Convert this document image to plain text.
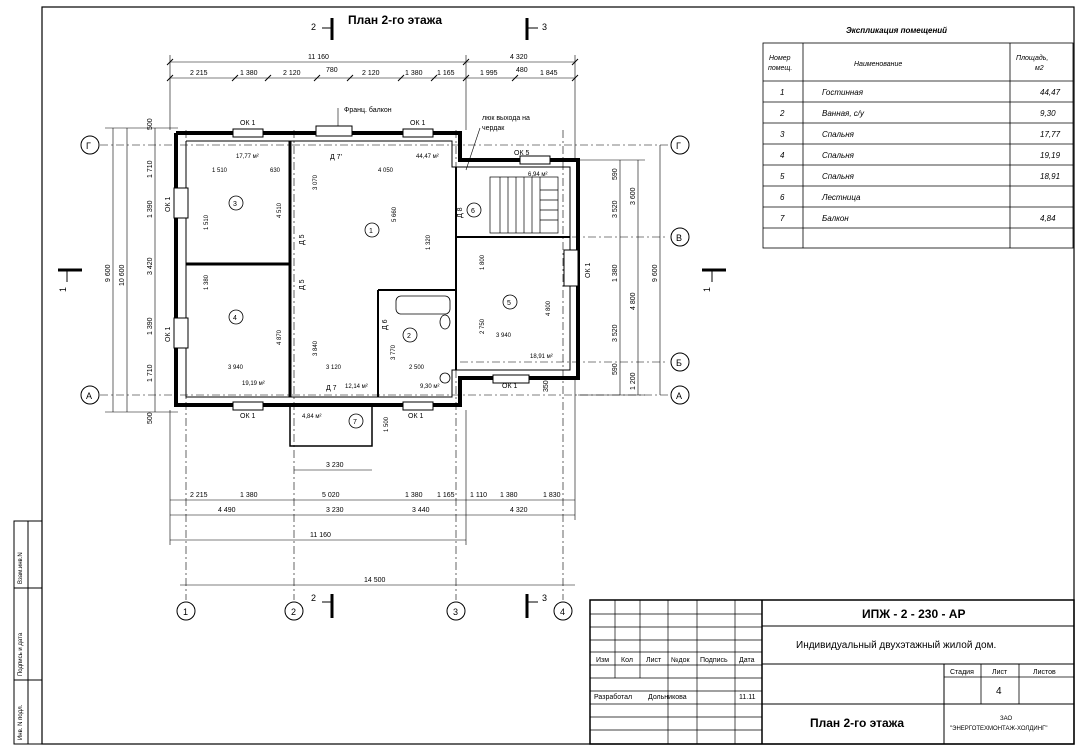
Взам.инв.N
Подпись и дата
Инв. N подл.
План 2-го этажа
2	3
2	3
1	1
Г	Г
В
Б
А	А
1	2	3	4
11 160	4 320
780	480
2 215	1 380	2 120	2 120	1 380 1 165	1 995	1 845
9 600 10 600
500
1 710
1 390
3 420
1 390
1 710
500
9 600
3 600
4 800
590
3 520
1 380
3 520
590
1 200
350
3 230
2 215	1 380	5 020	1 380 1 165 1 110 1 380	1 830
4 490	3 230	3 440	4 320
11 160
14 500
ОК 1	ОК 1
ОК 5
ОК 1
ОК 1
ОК 1
ОК 1
ОК 1	ОК 1
Д 7'
Д 7
Д 5
Д 5
Д 6
Д 8
1
2
3
4
5
6
7
44,47 м²
9,30 м²
17,77 м²
19,19 м²
18,91 м²
6,94 м²
4,84 м²
12,14 м²
1 510	630
1 510
4 510
3 070
4 050
5 660
1 320
3 940
3 940
3 120	2 500
2 750
4 800
1 800
1 380
1 500
4 870
3 840	3 770
Франц. балкон
люк выхода на
чердак
Экспликация помещений
Номер
помещ.
Наименование
Площадь,
м2
1	Гостинная	44,47
2	Ванная, с/у	9,30
3	Спальня	17,77
4	Спальня	19,19
5	Спальня	18,91
6	Лестница
7	Балкон	4,84
Изм Кол Лист №док Подпись Дата
Разработал Дольникова	11.11
ИПЖ - 2 - 230 - АР
Индивидуальный двухэтажный жилой дом.
План 2-го этажа
Стадия	Лист	Листов
4
ЗАО
"ЭНЕРГОТЕХМОНТАЖ-ХОЛДИНГ"
